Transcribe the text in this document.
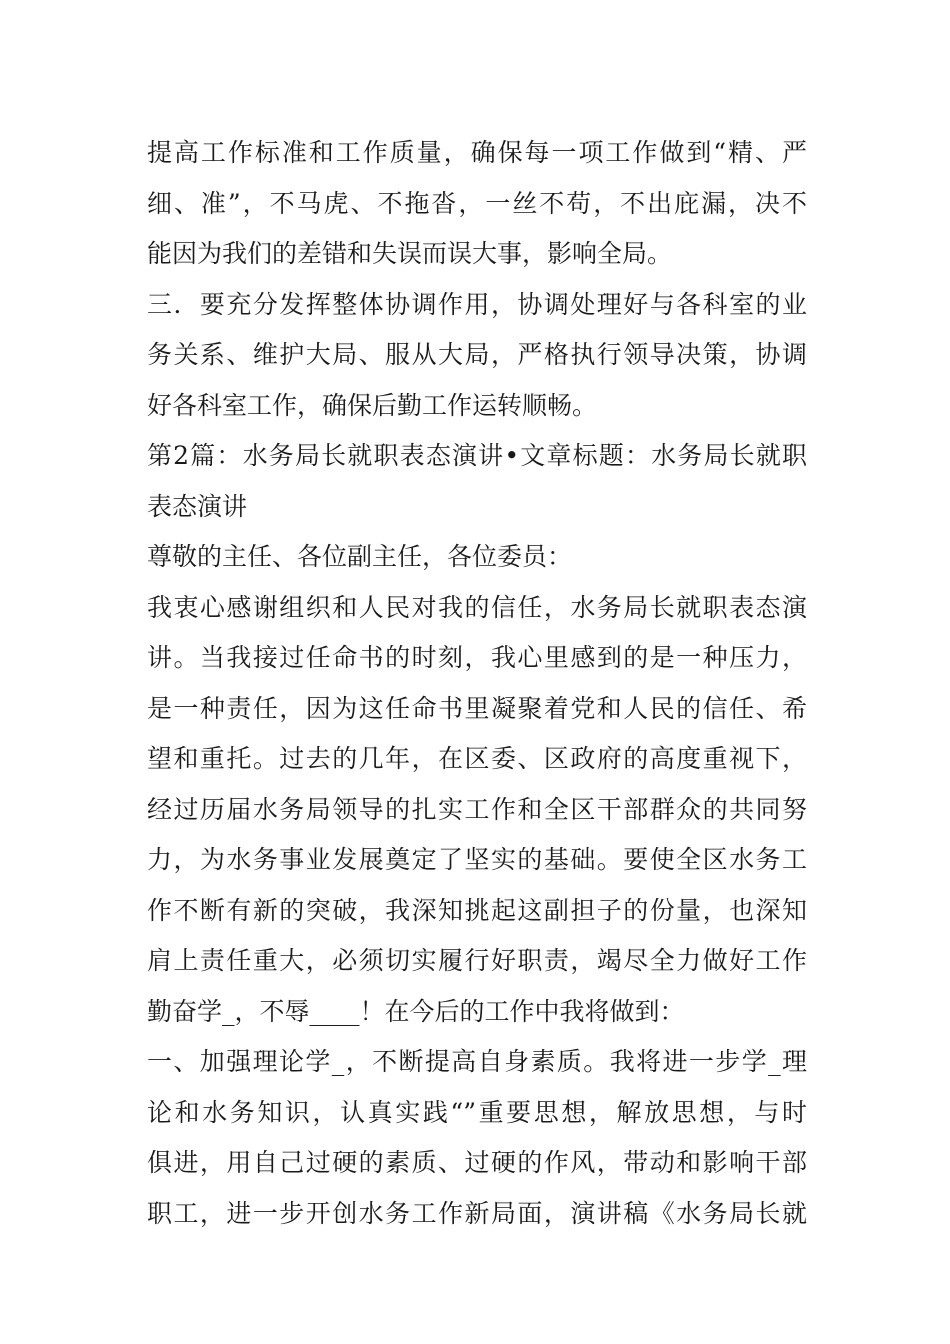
提高工作标准和工作质量，确保每一项工作做到“精、严
细、准”，不马虎、不拖沓，一丝不苟，不出庇漏，决不
能因为我们的差错和失误而误大事，影响全局。
三．要充分发挥整体协调作用，协调处理好与各科室的业
务关系、维护大局、服从大局，严格执行领导决策，协调
好各科室工作，确保后勤工作运转顺畅。
第2篇：水务局长就职表态演讲•文章标题：水务局长就职
表态演讲
尊敬的主任、各位副主任，各位委员：
我衷心感谢组织和人民对我的信任，水务局长就职表态演
讲。当我接过任命书的时刻，我心里感到的是一种压力，
是一种责任，因为这任命书里凝聚着党和人民的信任、希
望和重托。过去的几年，在区委、区政府的高度重视下，
经过历届水务局领导的扎实工作和全区干部群众的共同努
力，为水务事业发展奠定了坚实的基础。要使全区水务工
作不断有新的突破，我深知挑起这副担子的份量，也深知
肩上责任重大，必须切实履行好职责，竭尽全力做好工作
勤奋学_，不辱____！在今后的工作中我将做到：
一、加强理论学_，不断提高自身素质。我将进一步学_理
论和水务知识，认真实践“”重要思想，解放思想，与时
俱进，用自己过硬的素质、过硬的作风，带动和影响干部
职工，进一步开创水务工作新局面，演讲稿《水务局长就
